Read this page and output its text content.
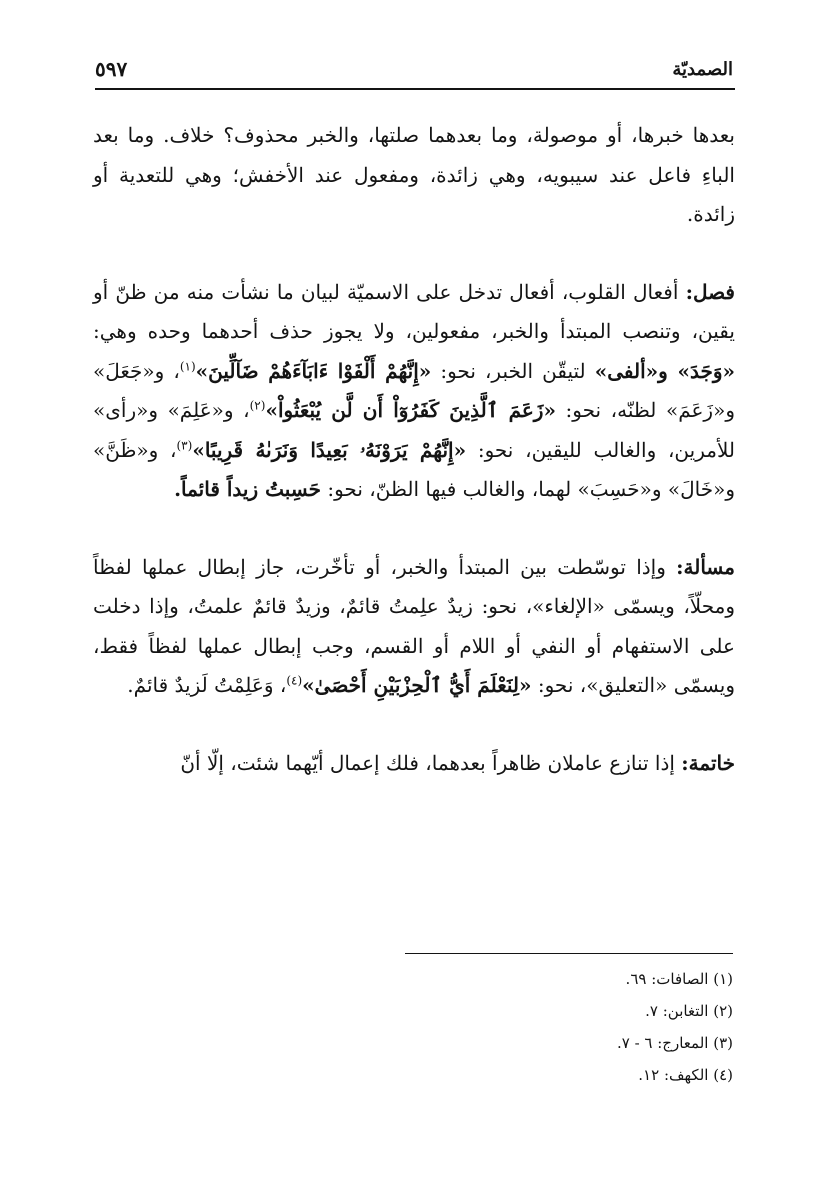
الصمديّة
٥٩٧

بعدها خبرها، أو موصولة، وما بعدهما صلتها، والخبر محذوف؟ خلاف. وما بعد الباءِ فاعل عند سيبويه، وهي زائدة، ومفعول عند الأخفش؛ وهي للتعدية أو زائدة.

فصل: أفعال القلوب، أفعال تدخل على الاسميّة لبيان ما نشأت منه من ظنّ أو يقين، وتنصب المبتدأ والخبر، مفعولين، ولا يجوز حذف أحدهما وحده وهي: «وَجَدَ» و«ألفى» لتيقّن الخبر، نحو: «إِنَّهُمْ أَلْفَوْا ءَابَآءَهُمْ ضَآلِّينَ»$^{(١)}$، و«جَعَلَ» و«زَعَمَ» لظنّه، نحو: «زَعَمَ ٱلَّذِينَ كَفَرُوٓاْ أَن لَّن يُبْعَثُواْ»$^{(٢)}$، و«عَلِمَ» و«رأى» للأمرين، والغالب لليقين، نحو: «إِنَّهُمْ يَرَوْنَهُۥ بَعِيدًا وَنَرَىٰهُ قَرِيبًا»$^{(٣)}$، و«ظَنَّ» و«خَالَ» و«حَسِبَ» لهما، والغالب فيها الظنّ، نحو: حَسِبتُ زيداً قائماً.

مسألة: وإذا توسّطت بين المبتدأ والخبر، أو تأخّرت، جاز إبطال عملها لفظاً ومحلّاً، ويسمّى «الإلغاء»، نحو: زيدٌ علِمتُ قائمٌ، وزيدٌ قائمٌ علمتُ، وإذا دخلت على الاستفهام أو النفي أو اللام أو القسم، وجب إبطال عملها لفظاً فقط، ويسمّى «التعليق»، نحو: «لِنَعْلَمَ أَيُّ ٱلْحِزْبَيْنِ أَحْصَىٰ»$^{(٤)}$، وَعَلِمْتُ لَزيدٌ قائمٌ.

خاتمة: إذا تنازع عاملان ظاهراً بعدهما، فلك إعمال أيّهما شئت، إلّا أنّ

(١) الصافات: ٦٩.
(٢) التغابن: ٧.
(٣) المعارج: ٦ - ٧.
(٤) الكهف: ١٢.
